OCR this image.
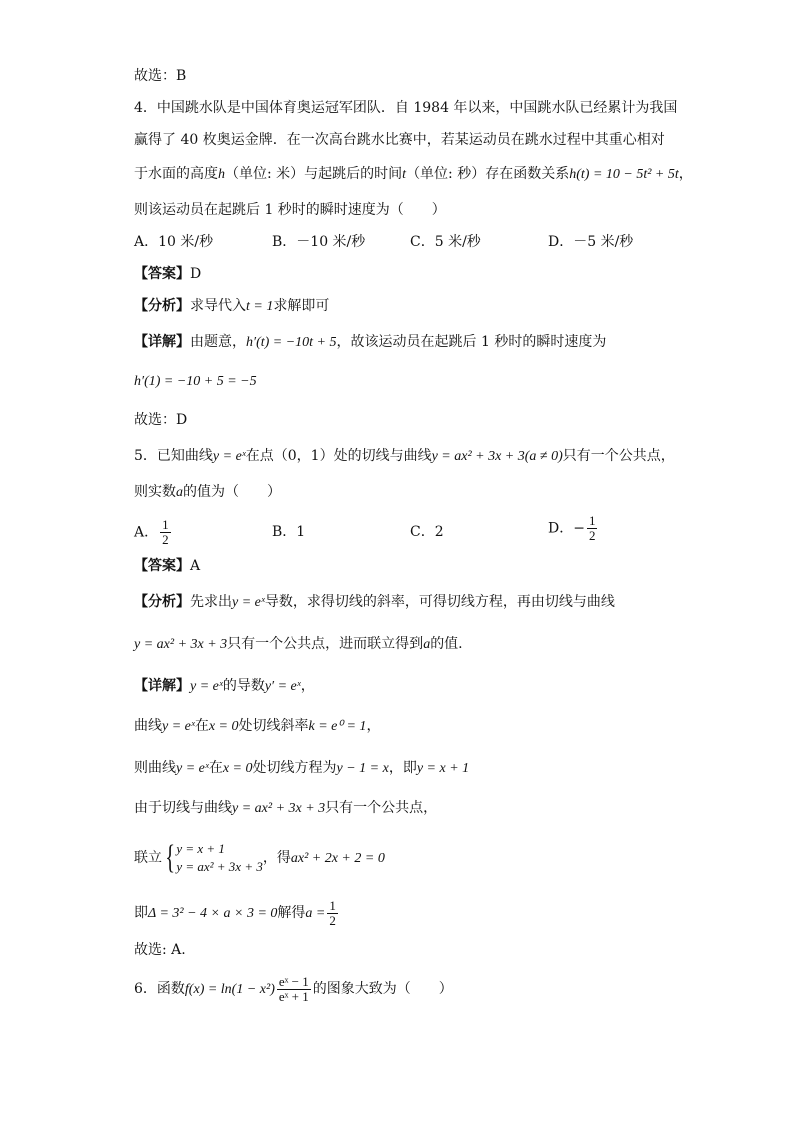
故选：B
4．中国跳水队是中国体育奥运冠军团队．自 1984 年以来，中国跳水队已经累计为我国
赢得了 40 枚奥运金牌．在一次高台跳水比赛中，若某运动员在跳水过程中其重心相对
于水面的高度h（单位: 米）与起跳后的时间t（单位: 秒）存在函数关系h(t) = 10 − 5t² + 5t，
则该运动员在起跳后 1 秒时的瞬时速度为（　　）
A．10 米/秒	B．－10 米/秒	C．5 米/秒	D．－5 米/秒
【答案】D
【分析】求导代入t = 1求解即可
【详解】由题意，h′(t) = −10t + 5，故该运动员在起跳后 1 秒时的瞬时速度为
h′(1) = −10 + 5 = −5
故选：D
5．已知曲线y = eˣ在点（0，1）处的切线与曲线y = ax² + 3x + 3(a ≠ 0)只有一个公共点，
则实数a的值为（　　）
A． $\frac{1}{2}$	B．1	C．2	D．− $\frac{1}{2}$
【答案】A
【分析】先求出y = eˣ导数，求得切线的斜率，可得切线方程，再由切线与曲线
y = ax² + 3x + 3只有一个公共点，进而联立得到a的值.
【详解】y = eˣ的导数y′ = eˣ，
曲线y = eˣ在x = 0处切线斜率k = e⁰ = 1，
则曲线y = eˣ在x = 0处切线方程为y − 1 = x，即y = x + 1
由于切线与曲线y = ax² + 3x + 3只有一个公共点，
联立{ y = x + 1
y = ax² + 3x + 3
，得ax² + 2x + 2 = 0
即Δ = 3² − 4 × a × 3 = 0解得$a = \frac{1}{2}$
故选: A.
6．函数$f(x) = \ln(1 - x^2) \frac{\text{eˣ − 1}}{\text{eˣ + 1}}$ 的图象大致为（　　）
